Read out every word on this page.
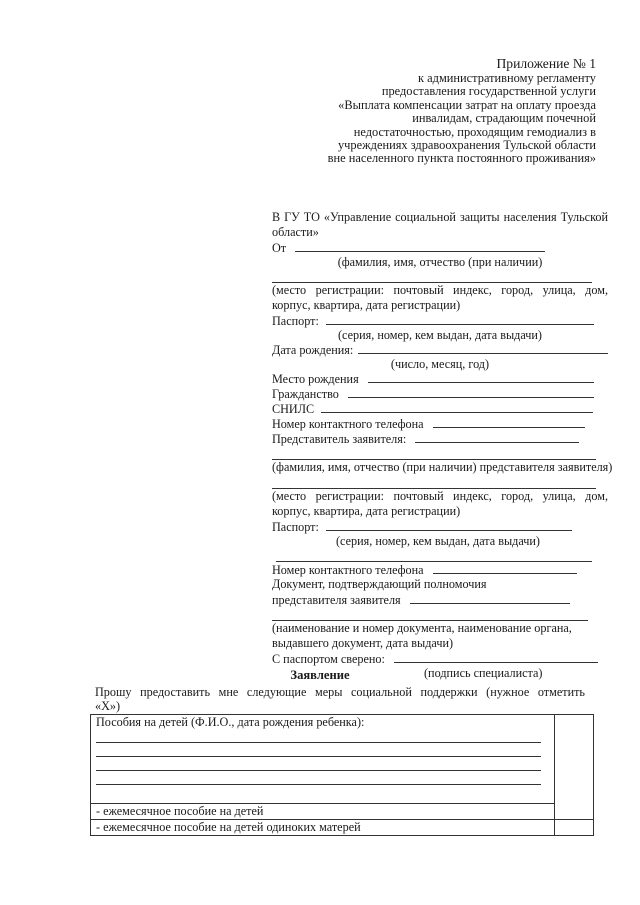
Приложение № 1
к административному регламенту
предоставления государственной услуги
«Выплата компенсации затрат на оплату проезда
инвалидам, страдающим почечной
недостаточностью, проходящим гемодиализ в
учреждениях здравоохранения Тульской области
вне населенного пункта постоянного проживания»
В ГУ ТО «Управление социальной защиты населения Тульской
области»
От
(фамилия, имя, отчество (при наличии)
(место регистрации: почтовый индекс, город, улица, дом,
корпус, квартира, дата регистрации)
Паспорт:
(серия, номер, кем выдан, дата выдачи)
Дата рождения:
(число, месяц, год)
Место рождения
Гражданство
СНИЛС
Номер контактного телефона
Представитель заявителя:
(фамилия, имя, отчество (при наличии) представителя заявителя)
(место регистрации: почтовый индекс, город, улица, дом,
корпус, квартира, дата регистрации)
Паспорт:
(серия, номер, кем выдан, дата выдачи)
Номер контактного телефона
Документ, подтверждающий полномочия
представителя заявителя
(наименование и номер документа, наименование органа,
выдавшего документ, дата выдачи)
С паспортом сверено:
(подпись специалиста)
Заявление
Прошу предоставить мне следующие меры социальной поддержки (нужное отметить
«Х»)
Пособия на детей (Ф.И.О., дата рождения ребенка):	

- ежемесячное пособие на детей	
- ежемесячное пособие на детей одиноких матерей	
